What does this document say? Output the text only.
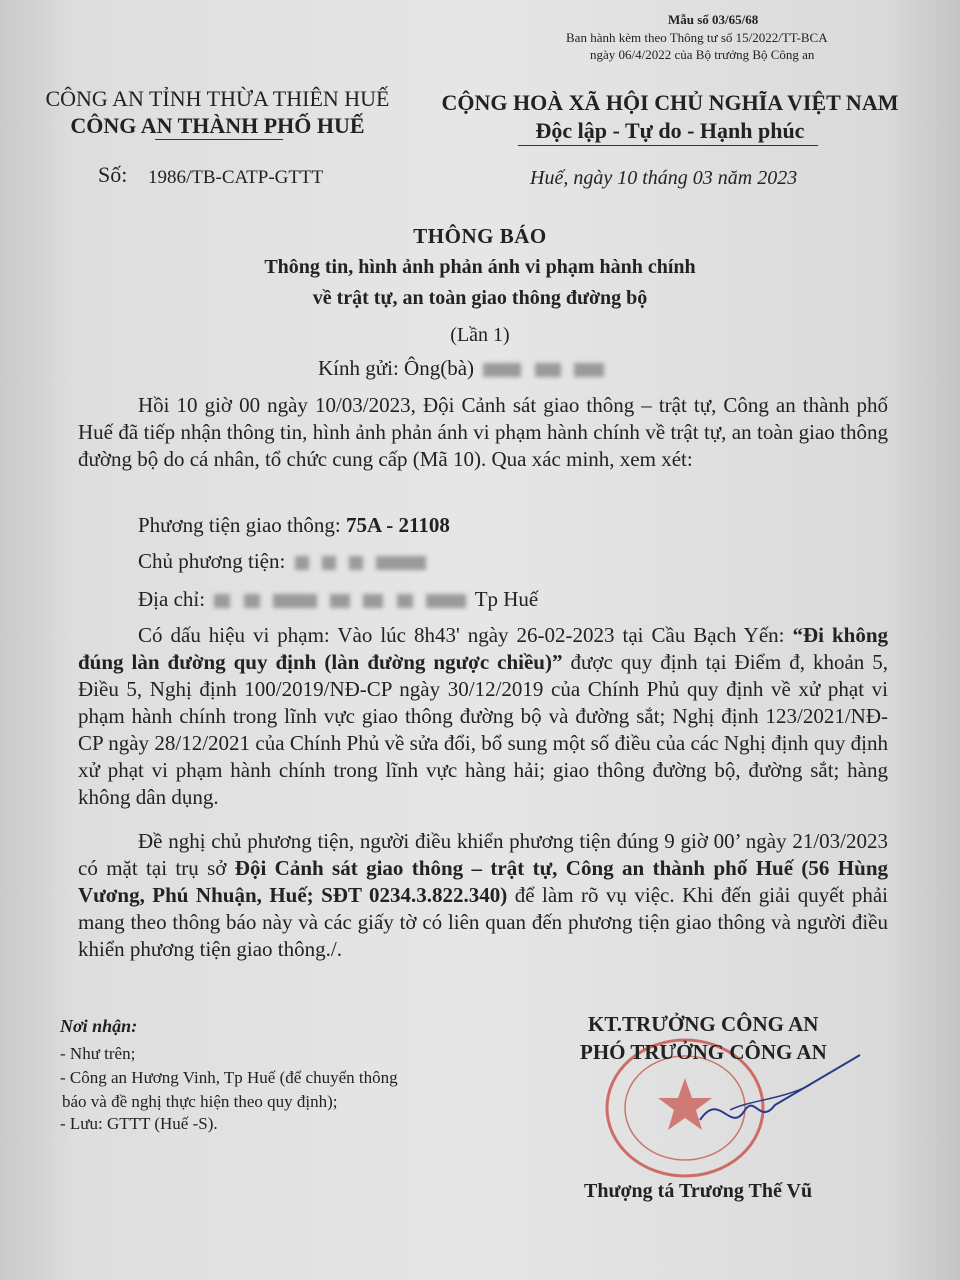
Mẫu số 03/65/68
Ban hành kèm theo Thông tư số 15/2022/TT-BCA
ngày 06/4/2022 của Bộ trưởng Bộ Công an
CÔNG AN TỈNH THỪA THIÊN HUẾ
CÔNG AN THÀNH PHỐ HUẾ
CỘNG HOÀ XÃ HỘI CHỦ NGHĨA VIỆT NAM
Độc lập - Tự do - Hạnh phúc
Số: 1986/TB-CATP-GTTT	Huế, ngày 10 tháng 03 năm 2023
THÔNG BÁO
Thông tin, hình ảnh phản ánh vi phạm hành chính
về trật tự, an toàn giao thông đường bộ
(Lần 1)
Kính gửi: Ông(bà)
Hồi 10 giờ 00 ngày 10/03/2023, Đội Cảnh sát giao thông – trật tự, Công an thành phố Huế đã tiếp nhận thông tin, hình ảnh phản ánh vi phạm hành chính về trật tự, an toàn giao thông đường bộ do cá nhân, tổ chức cung cấp (Mã 10). Qua xác minh, xem xét:
Phương tiện giao thông: 75A - 21108
Chủ phương tiện:
Địa chỉ:	Tp Huế
Có dấu hiệu vi phạm: Vào lúc 8h43' ngày 26-02-2023 tại Cầu Bạch Yến: “Đi không đúng làn đường quy định (làn đường ngược chiều)” được quy định tại Điểm đ, khoản 5, Điều 5, Nghị định 100/2019/NĐ-CP ngày 30/12/2019 của Chính Phủ quy định về xử phạt vi phạm hành chính trong lĩnh vực giao thông đường bộ và đường sắt; Nghị định 123/2021/NĐ-CP ngày 28/12/2021 của Chính Phủ về sửa đổi, bổ sung một số điều của các Nghị định quy định xử phạt vi phạm hành chính trong lĩnh vực hàng hải; giao thông đường bộ, đường sắt; hàng không dân dụng.
Đề nghị chủ phương tiện, người điều khiển phương tiện đúng 9 giờ 00’ ngày 21/03/2023 có mặt tại trụ sở Đội Cảnh sát giao thông – trật tự, Công an thành phố Huế (56 Hùng Vương, Phú Nhuận, Huế; SĐT 0234.3.822.340) để làm rõ vụ việc. Khi đến giải quyết phải mang theo thông báo này và các giấy tờ có liên quan đến phương tiện giao thông và người điều khiển phương tiện giao thông./.
Nơi nhận:
- Như trên;
- Công an Hương Vinh, Tp Huế (để chuyển thông
báo và đề nghị thực hiện theo quy định);
- Lưu: GTTT (Huế -S).
KT.TRƯỞNG CÔNG AN
PHÓ TRƯỞNG CÔNG AN
Thượng tá Trương Thế Vũ
